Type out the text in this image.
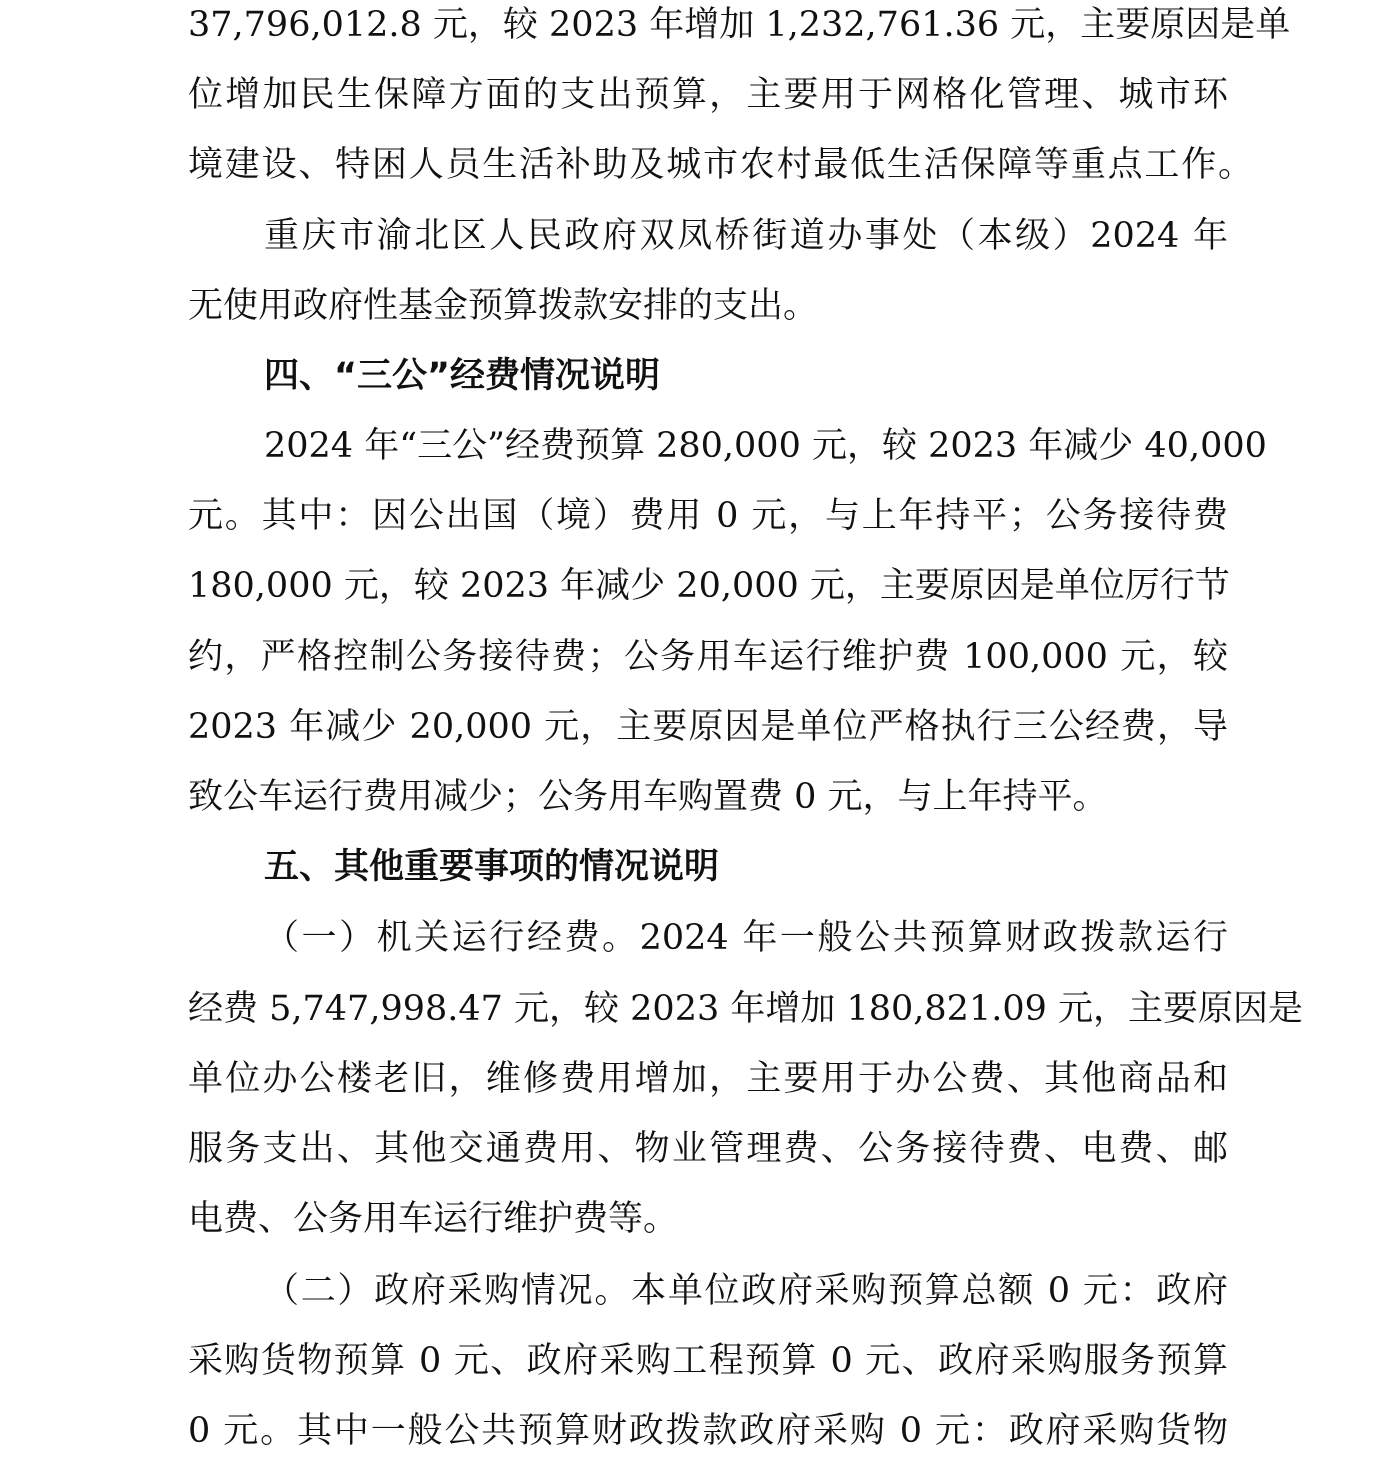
37,796,012.8 元，较 2023 年增加 1,232,761.36 元，主要原因是单
位增加民生保障方面的支出预算，主要用于网格化管理、城市环
境建设、特困人员生活补助及城市农村最低生活保障等重点工作。
重庆市渝北区人民政府双凤桥街道办事处（本级）2024 年
无使用政府性基金预算拨款安排的支出。
四、“三公”经费情况说明
2024 年“三公”经费预算 280,000 元，较 2023 年减少 40,000
元。其中：因公出国（境）费用 0 元，与上年持平；公务接待费
180,000 元，较 2023 年减少 20,000 元，主要原因是单位厉行节
约，严格控制公务接待费；公务用车运行维护费 100,000 元，较
2023 年减少 20,000 元，主要原因是单位严格执行三公经费，导
致公车运行费用减少；公务用车购置费 0 元，与上年持平。
五、其他重要事项的情况说明
（一）机关运行经费。2024 年一般公共预算财政拨款运行
经费 5,747,998.47 元，较 2023 年增加 180,821.09 元，主要原因是
单位办公楼老旧，维修费用增加，主要用于办公费、其他商品和
服务支出、其他交通费用、物业管理费、公务接待费、电费、邮
电费、公务用车运行维护费等。
（二）政府采购情况。本单位政府采购预算总额 0 元：政府
采购货物预算 0 元、政府采购工程预算 0 元、政府采购服务预算
0 元。其中一般公共预算财政拨款政府采购 0 元：政府采购货物
